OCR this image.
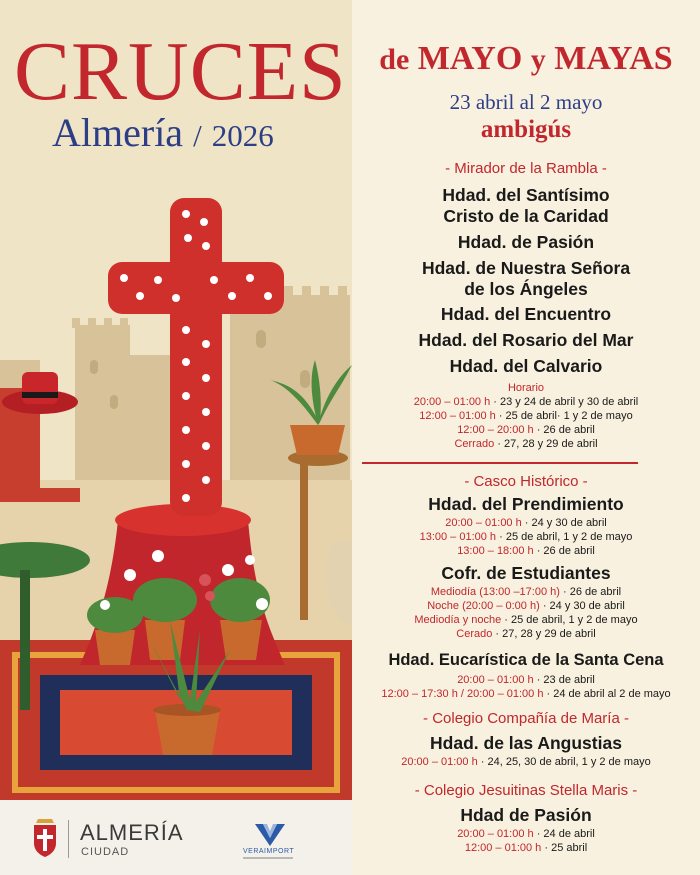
CRUCES
Almería / 2026
ALMERÍA
CIUDAD	VERAIMPORT
de MAYO y MAYAS
23 abril al 2 mayo
ambigús
- Mirador de la Rambla -
Hdad. del Santísimo
Cristo de la Caridad
Hdad. de Pasión
Hdad. de Nuestra Señora
de los Ángeles
Hdad. del Encuentro
Hdad. del Rosario del Mar
Hdad. del Calvario
Horario
20:00 – 01:00 h · 23 y 24 de abril y 30 de abril
12:00 – 01:00 h · 25 de abril· 1 y 2 de mayo
12:00 – 20:00 h · 26 de abril
Cerrado · 27, 28 y 29 de abril
- Casco Histórico -
Hdad. del Prendimiento
20:00 – 01:00 h · 24 y 30 de abril
13:00 – 01:00 h · 25 de abril, 1 y 2 de mayo
13:00 – 18:00 h · 26 de abril
Cofr. de Estudiantes
Mediodía (13:00 –17:00 h) · 26 de abril
Noche (20:00 – 0:00 h) · 24 y 30 de abril
Mediodía y noche · 25 de abril, 1 y 2 de mayo
Cerado · 27, 28 y 29 de abril
Hdad. Eucarística de la Santa Cena
20:00 – 01:00 h · 23 de abril
12:00 – 17:30 h / 20:00 – 01:00 h · 24 de abril al 2 de mayo
- Colegio Compañía de María -
Hdad. de las Angustias
20:00 – 01:00 h · 24, 25, 30 de abril, 1 y 2 de mayo
- Colegio Jesuitinas Stella Maris -
Hdad de Pasión
20:00 – 01:00 h · 24 de abril
12:00 – 01:00 h · 25 abril
